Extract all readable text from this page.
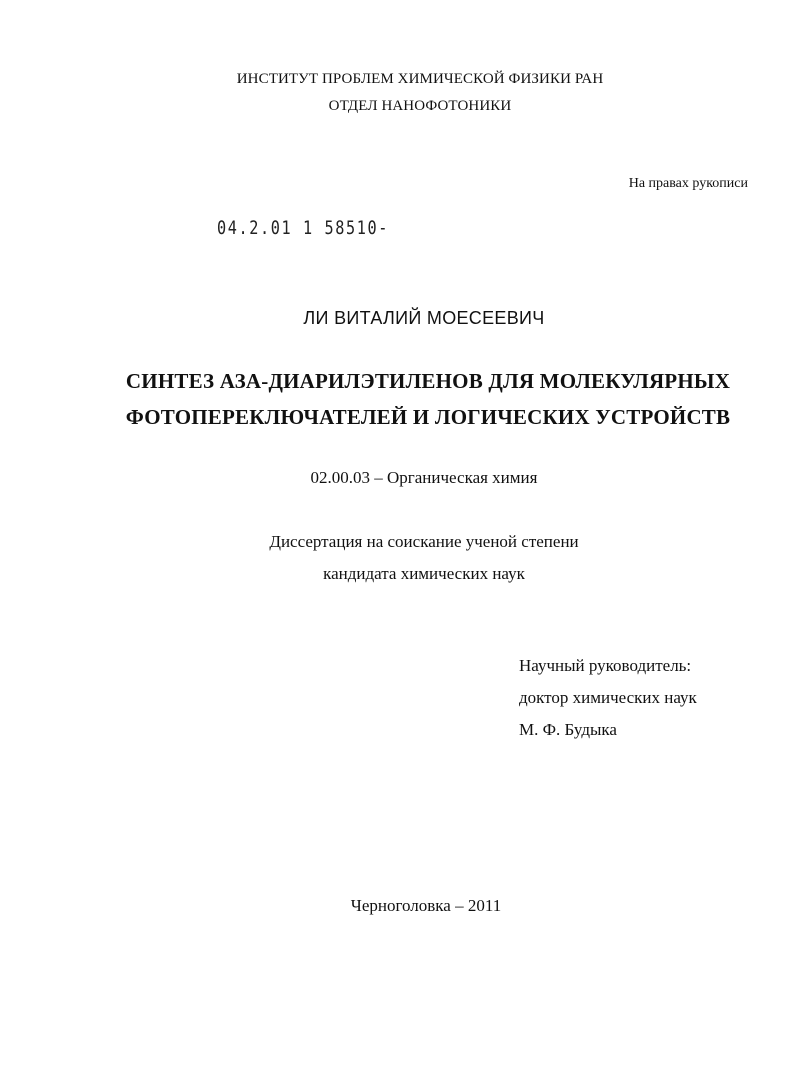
ИНСТИТУТ ПРОБЛЕМ ХИМИЧЕСКОЙ ФИЗИКИ РАН
ОТДЕЛ НАНОФОТОНИКИ
На правах рукописи
04.2.01 1 58510-
ЛИ ВИТАЛИЙ МОЕСЕЕВИЧ
СИНТЕЗ АЗА-ДИАРИЛЭТИЛЕНОВ ДЛЯ МОЛЕКУЛЯРНЫХ
ФОТОПЕРЕКЛЮЧАТЕЛЕЙ И ЛОГИЧЕСКИХ УСТРОЙСТВ
02.00.03 – Органическая химия
Диссертация на соискание ученой степени
кандидата химических наук
Научный руководитель:
доктор химических наук
М. Ф. Будыка
Черноголовка – 2011
